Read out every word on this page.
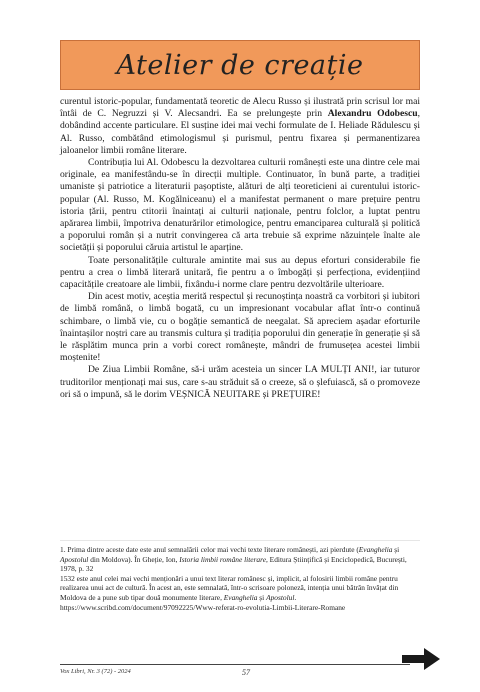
Atelier de creație

curentul istoric-popular, fundamentată teoretic de Alecu Russo și ilustrată prin scrisul lor mai întâi de C. Negruzzi și V. Alecsandri. Ea se prelungește prin Alexandru Odobescu, dobândind accente particulare. El susține idei mai vechi formulate de I. Heliade Rădulescu și Al. Russo, combătând etimologismul și purismul, pentru fixarea și permanentizarea jaloanelor limbii române literare.

Contribuția lui Al. Odobescu la dezvoltarea culturii românești este una dintre cele mai originale, ea manifestându-se în direcții multiple. Continuator, în bună parte, a tradiției umaniste și patriotice a literaturii pașoptiste, alături de alți teoreticieni ai curentului istoric-popular (Al. Russo, M. Kogălniceanu) el a manifestat permanent o mare prețuire pentru istoria țării, pentru ctitorii înaintați ai culturii naționale, pentru folclor, a luptat pentru apărarea limbii, împotriva denaturărilor etimologice, pentru emanciparea culturală și politică a poporului român și a nutrit convingerea că arta trebuie să exprime năzuințele înalte ale societății și poporului căruia artistul le aparține.

Toate personalitățile culturale amintite mai sus au depus eforturi considerabile fie pentru a crea o limbă literară unitară, fie pentru a o îmbogăți și perfecționa, evidențiind capacitățile creatoare ale limbii, fixându-i norme clare pentru dezvoltările ulterioare.

Din acest motiv, aceștia merită respectul și recunoștința noastră ca vorbitori și iubitori de limbă română, o limbă bogată, cu un impresionant vocabular aflat într-o continuă schimbare, o limbă vie, cu o bogăție semantică de neegalat. Să apreciem așadar eforturile înaintașilor noștri care au transmis cultura și tradiția poporului din generație în generație și să le răsplătim munca prin a vorbi corect românește, mândri de frumusețea acestei limbii moștenite!

De Ziua Limbii Române, să-i urăm acesteia un sincer LA MULȚI ANI!, iar tuturor truditorilor menționați mai sus, care s-au străduit să o creeze, să o șlefuiască, să o promoveze ori să o impună, să le dorim VEȘNICĂ NEUITARE și PREȚUIRE!

1. Prima dintre aceste date este anul semnalării celor mai vechi texte literare românești, azi pierdute (Evanghelia și Apostolul din Moldova). În Gheție, Ion, Istoria limbii române literare, Editura Științifică și Enciclopedică, București, 1978, p. 32

1532 este anul celei mai vechi menționări a unui text literar românesc și, implicit, al folosirii limbii române pentru realizarea unui act de cultură. În acest an, este semnalată, într-o scrisoare poloneză, intenția unui bătrân învățat din Moldova de a pune sub tipar două monumente literare, Evanghelia și Apostolul.

https://www.scribd.com/document/97092225/Www-referat-ro-evolutia-Limbii-Literare-Romane

Vox Libri, Nr. 3 (72) - 2024	57
